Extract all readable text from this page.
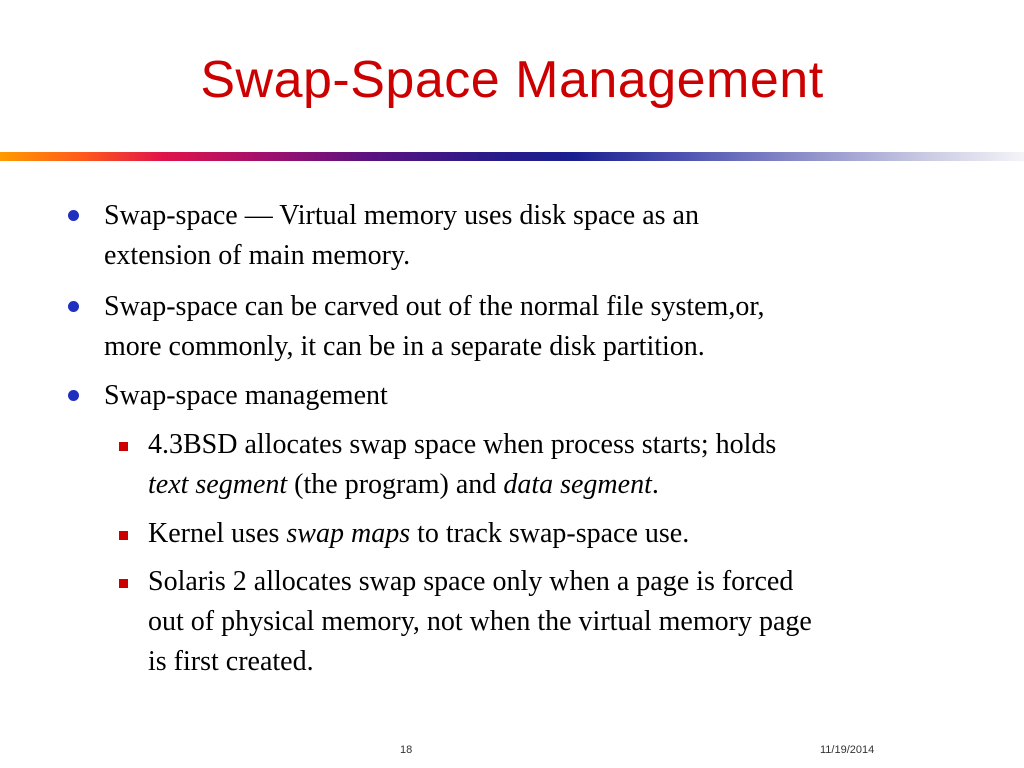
Swap-Space Management
Swap-space — Virtual memory uses disk space as an
extension of main memory.
Swap-space can be carved out of the normal file system,or,
more commonly, it can be in a separate disk partition.
Swap-space management
4.3BSD allocates swap space when process starts; holds
text segment (the program) and data segment.
Kernel uses swap maps to track swap-space use.
Solaris 2 allocates swap space only when a page is forced
out of physical memory, not when the virtual memory page
is first created.
18	11/19/2014
